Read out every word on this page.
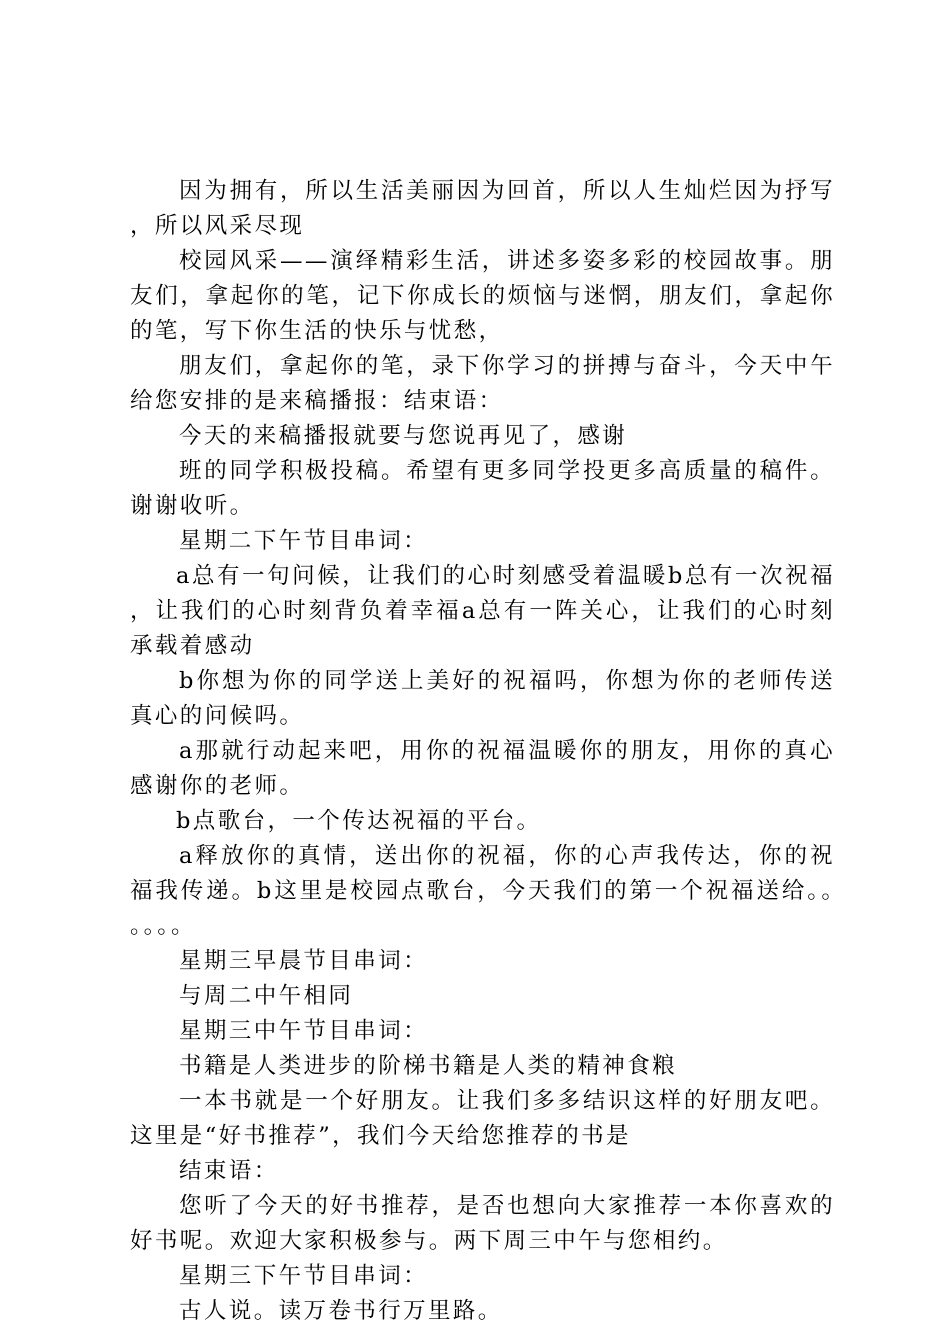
因为拥有，所以生活美丽因为回首，所以人生灿烂因为抒写，所以风采尽现

校园风采——演绎精彩生活，讲述多姿多彩的校园故事。朋友们，拿起你的笔，记下你成长的烦恼与迷惘，朋友们，拿起你的笔，写下你生活的快乐与忧愁，

朋友们，拿起你的笔，录下你学习的拼搏与奋斗，今天中午给您安排的是来稿播报：结束语：

今天的来稿播报就要与您说再见了，感谢

班的同学积极投稿。希望有更多同学投更多高质量的稿件。谢谢收听。

星期二下午节目串词：

a总有一句问候，让我们的心时刻感受着温暖b总有一次祝福，让我们的心时刻背负着幸福a总有一阵关心，让我们的心时刻承载着感动

b你想为你的同学送上美好的祝福吗，你想为你的老师传送真心的问候吗。

a那就行动起来吧，用你的祝福温暖你的朋友，用你的真心感谢你的老师。

b点歌台，一个传达祝福的平台。

a释放你的真情，送出你的祝福，你的心声我传达，你的祝福我传递。b这里是校园点歌台，今天我们的第一个祝福送给。。。。。。

星期三早晨节目串词：

与周二中午相同

星期三中午节目串词：

书籍是人类进步的阶梯书籍是人类的精神食粮

一本书就是一个好朋友。让我们多多结识这样的好朋友吧。这里是“好书推荐”，我们今天给您推荐的书是

结束语：

您听了今天的好书推荐，是否也想向大家推荐一本你喜欢的好书呢。欢迎大家积极参与。两下周三中午与您相约。

星期三下午节目串词：

古人说。读万卷书行万里路。
